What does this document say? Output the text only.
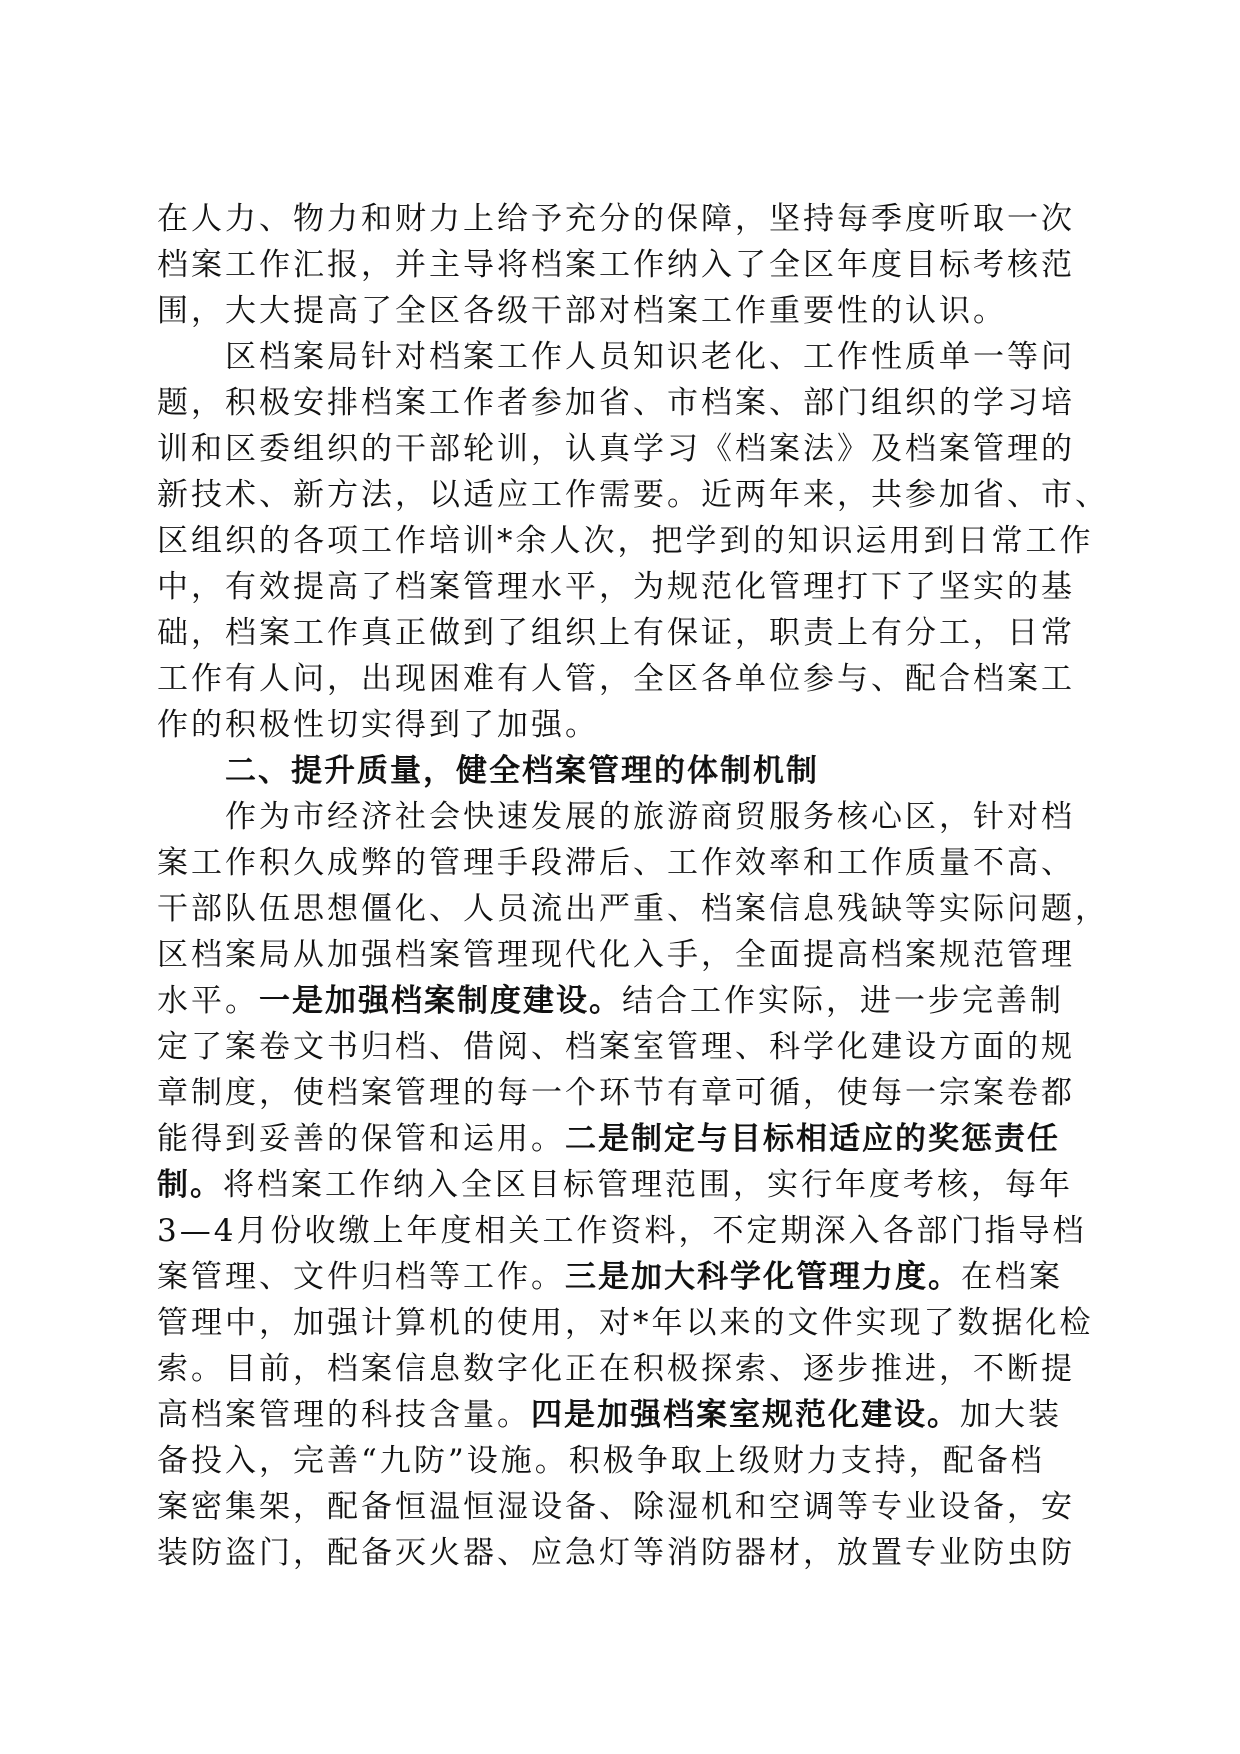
在人力、物力和财力上给予充分的保障，坚持每季度听取一次
档案工作汇报，并主导将档案工作纳入了全区年度目标考核范
围，大大提高了全区各级干部对档案工作重要性的认识。
区档案局针对档案工作人员知识老化、工作性质单一等问
题，积极安排档案工作者参加省、市档案、部门组织的学习培
训和区委组织的干部轮训，认真学习《档案法》及档案管理的
新技术、新方法，以适应工作需要。近两年来，共参加省、市、
区组织的各项工作培训*余人次，把学到的知识运用到日常工作
中，有效提高了档案管理水平，为规范化管理打下了坚实的基
础，档案工作真正做到了组织上有保证，职责上有分工，日常
工作有人问，出现困难有人管，全区各单位参与、配合档案工
作的积极性切实得到了加强。
二、提升质量，健全档案管理的体制机制
作为市经济社会快速发展的旅游商贸服务核心区，针对档
案工作积久成弊的管理手段滞后、工作效率和工作质量不高、
干部队伍思想僵化、人员流出严重、档案信息残缺等实际问题，
区档案局从加强档案管理现代化入手，全面提高档案规范管理
水平。一是加强档案制度建设。结合工作实际，进一步完善制
定了案卷文书归档、借阅、档案室管理、科学化建设方面的规
章制度，使档案管理的每一个环节有章可循，使每一宗案卷都
能得到妥善的保管和运用。二是制定与目标相适应的奖惩责任
制。将档案工作纳入全区目标管理范围，实行年度考核，每年
3—4月份收缴上年度相关工作资料，不定期深入各部门指导档
案管理、文件归档等工作。三是加大科学化管理力度。在档案
管理中，加强计算机的使用，对*年以来的文件实现了数据化检
索。目前，档案信息数字化正在积极探索、逐步推进，不断提
高档案管理的科技含量。四是加强档案室规范化建设。加大装
备投入，完善“九防”设施。积极争取上级财力支持，配备档
案密集架，配备恒温恒湿设备、除湿机和空调等专业设备，安
装防盗门，配备灭火器、应急灯等消防器材，放置专业防虫防
